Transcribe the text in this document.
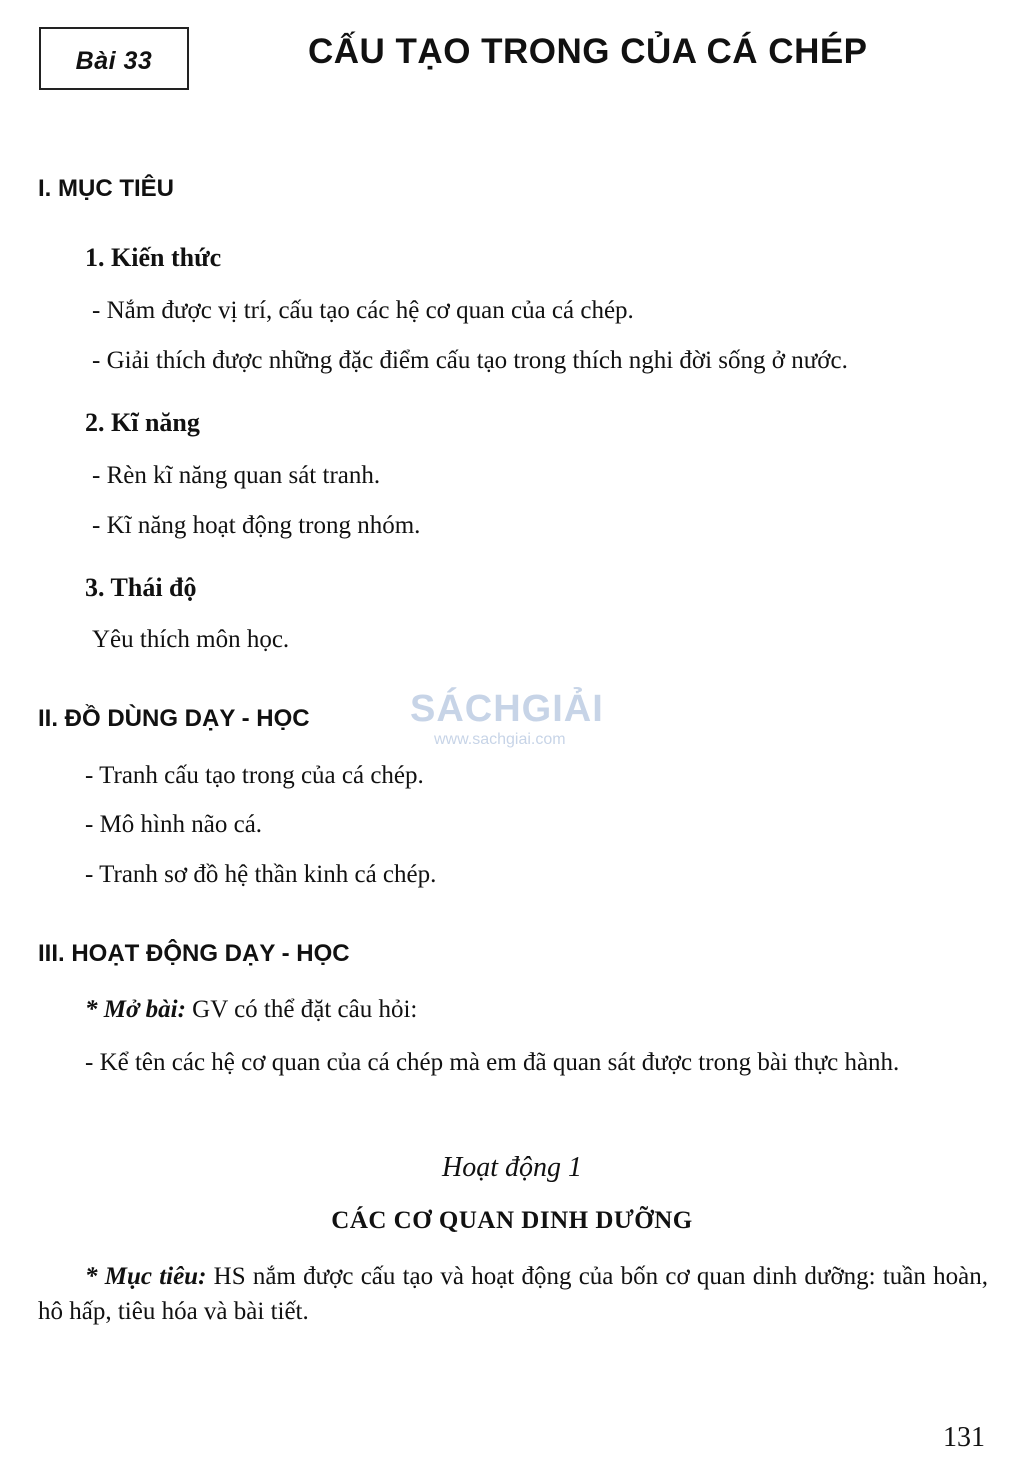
Bài 33	CẤU TẠO TRONG CỦA CÁ CHÉP
I. MỤC TIÊU
1. Kiến thức
- Nắm được vị trí, cấu tạo các hệ cơ quan của cá chép.
- Giải thích được những đặc điểm cấu tạo trong thích nghi đời sống ở nước.
2. Kĩ năng
- Rèn kĩ năng quan sát tranh.
- Kĩ năng hoạt động trong nhóm.
3. Thái độ
Yêu thích môn học.
II. ĐỒ DÙNG DẠY - HỌC
- Tranh cấu tạo trong của cá chép.
- Mô hình não cá.
- Tranh sơ đồ hệ thần kinh cá chép.
SÁCHGIẢI
www.sachgiai.com
III. HOẠT ĐỘNG DẠY - HỌC
* Mở bài: GV có thể đặt câu hỏi:

- Kể tên các hệ cơ quan của cá chép mà em đã quan sát được trong bài thực hành.

Hoạt động 1
CÁC CƠ QUAN DINH DƯỠNG

* Mục tiêu: HS nắm được cấu tạo và hoạt động của bốn cơ quan dinh dưỡng: tuần hoàn, hô hấp, tiêu hóa và bài tiết.

131
